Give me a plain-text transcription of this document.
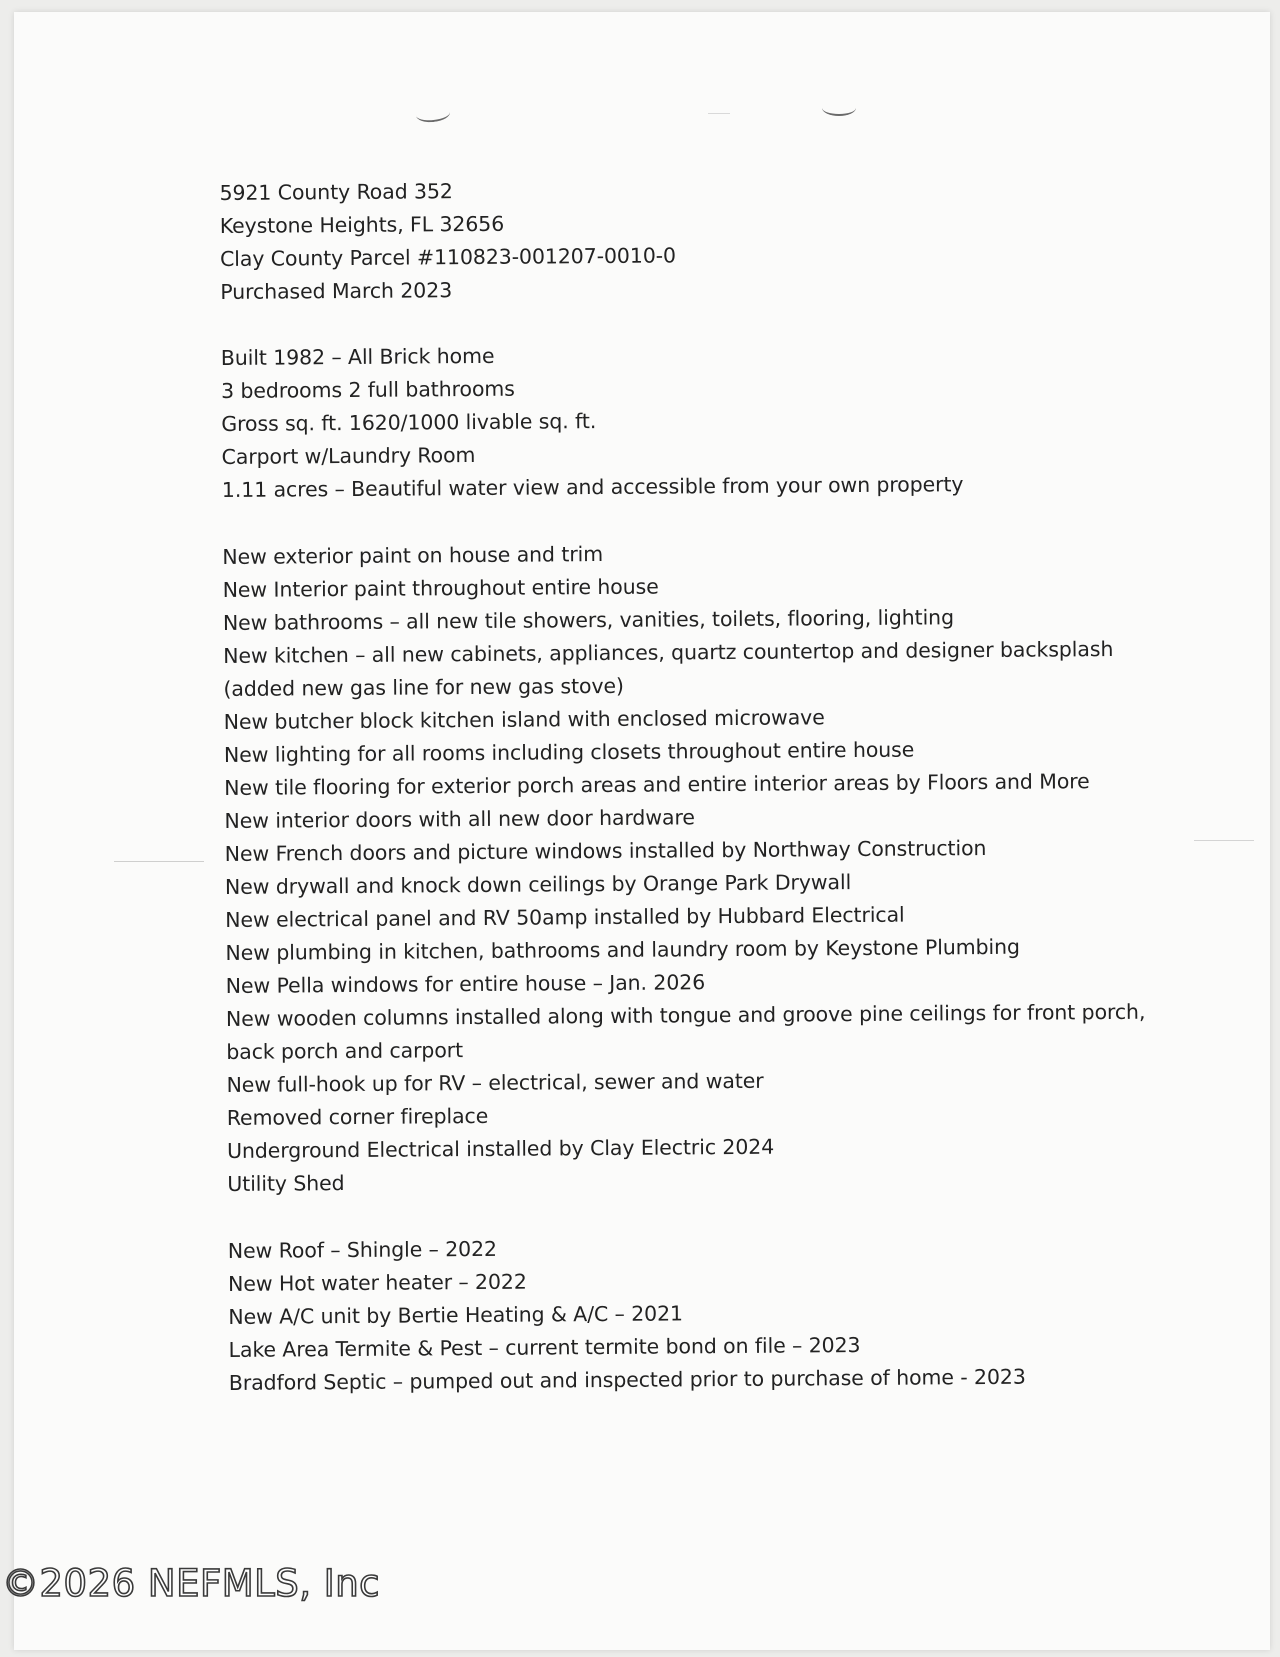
5921 County Road 352
Keystone Heights, FL 32656
Clay County Parcel #110823-001207-0010-0
Purchased March 2023
Built 1982 – All Brick home
3 bedrooms 2 full bathrooms
Gross sq. ft. 1620/1000 livable sq. ft.
Carport w/Laundry Room
1.11 acres – Beautiful water view and accessible from your own property
New exterior paint on house and trim
New Interior paint throughout entire house
New bathrooms – all new tile showers, vanities, toilets, flooring, lighting
New kitchen – all new cabinets, appliances, quartz countertop and designer backsplash
(added new gas line for new gas stove)
New butcher block kitchen island with enclosed microwave
New lighting for all rooms including closets throughout entire house
New tile flooring for exterior porch areas and entire interior areas by Floors and More
New interior doors with all new door hardware
New French doors and picture windows installed by Northway Construction
New drywall and knock down ceilings by Orange Park Drywall
New electrical panel and RV 50amp installed by Hubbard Electrical
New plumbing in kitchen, bathrooms and laundry room by Keystone Plumbing
New Pella windows for entire house – Jan. 2026
New wooden columns installed along with tongue and groove pine ceilings for front porch,
back porch and carport
New full-hook up for RV – electrical, sewer and water
Removed corner fireplace
Underground Electrical installed by Clay Electric 2024
Utility Shed
New Roof – Shingle – 2022
New Hot water heater – 2022
New A/C unit by Bertie Heating & A/C – 2021
Lake Area Termite & Pest – current termite bond on file – 2023
Bradford Septic – pumped out and inspected prior to purchase of home - 2023
©2026 NEFMLS, Inc
